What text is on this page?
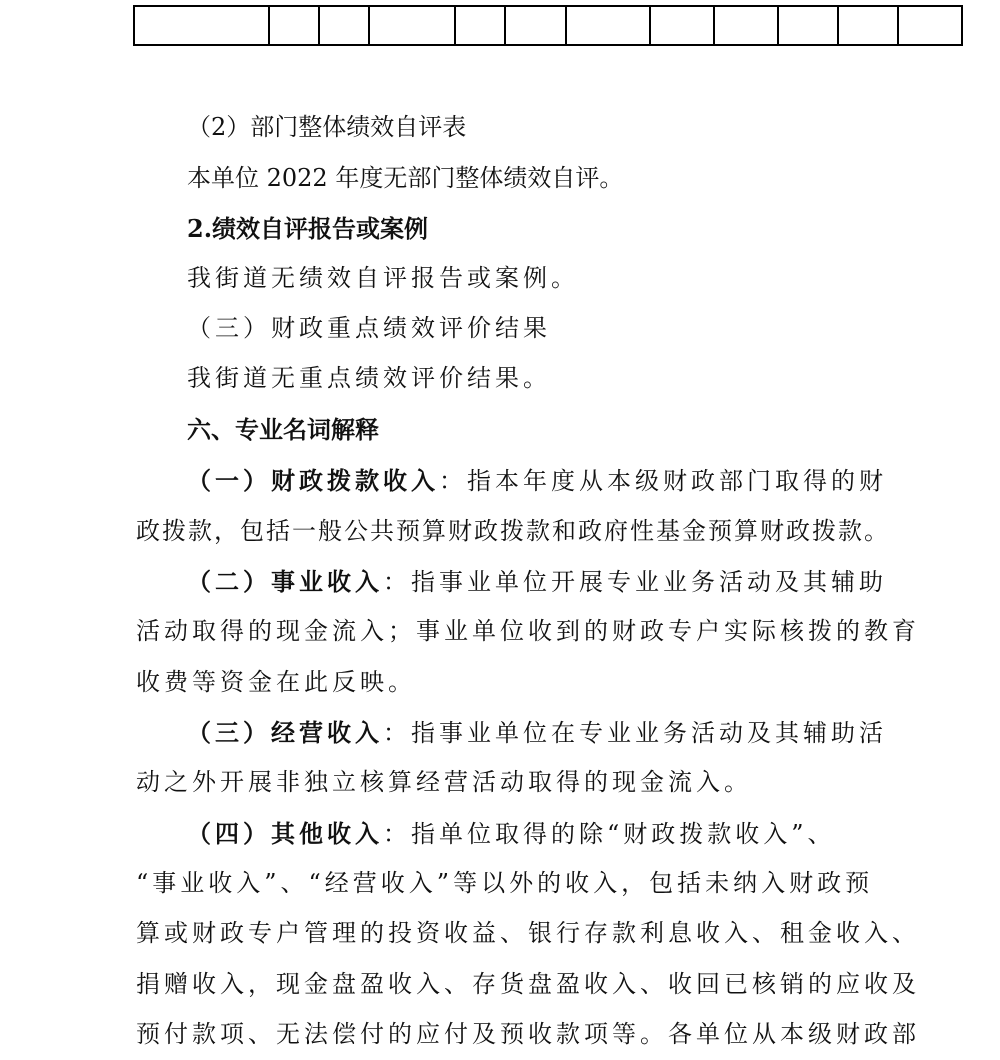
（2）部门整体绩效自评表
本单位 2022 年度无部门整体绩效自评。
2.绩效自评报告或案例
我街道无绩效自评报告或案例。
（三）财政重点绩效评价结果
我街道无重点绩效评价结果。
六、专业名词解释
（一）财政拨款收入：指本年度从本级财政部门取得的财
政拨款，包括一般公共预算财政拨款和政府性基金预算财政拨款。
（二）事业收入：指事业单位开展专业业务活动及其辅助
活动取得的现金流入；事业单位收到的财政专户实际核拨的教育
收费等资金在此反映。
（三）经营收入：指事业单位在专业业务活动及其辅助活
动之外开展非独立核算经营活动取得的现金流入。
（四）其他收入：指单位取得的除“财政拨款收入”、
“事业收入”、“经营收入”等以外的收入，包括未纳入财政预
算或财政专户管理的投资收益、银行存款利息收入、租金收入、
捐赠收入，现金盘盈收入、存货盘盈收入、收回已核销的应收及
预付款项、无法偿付的应付及预收款项等。各单位从本级财政部
